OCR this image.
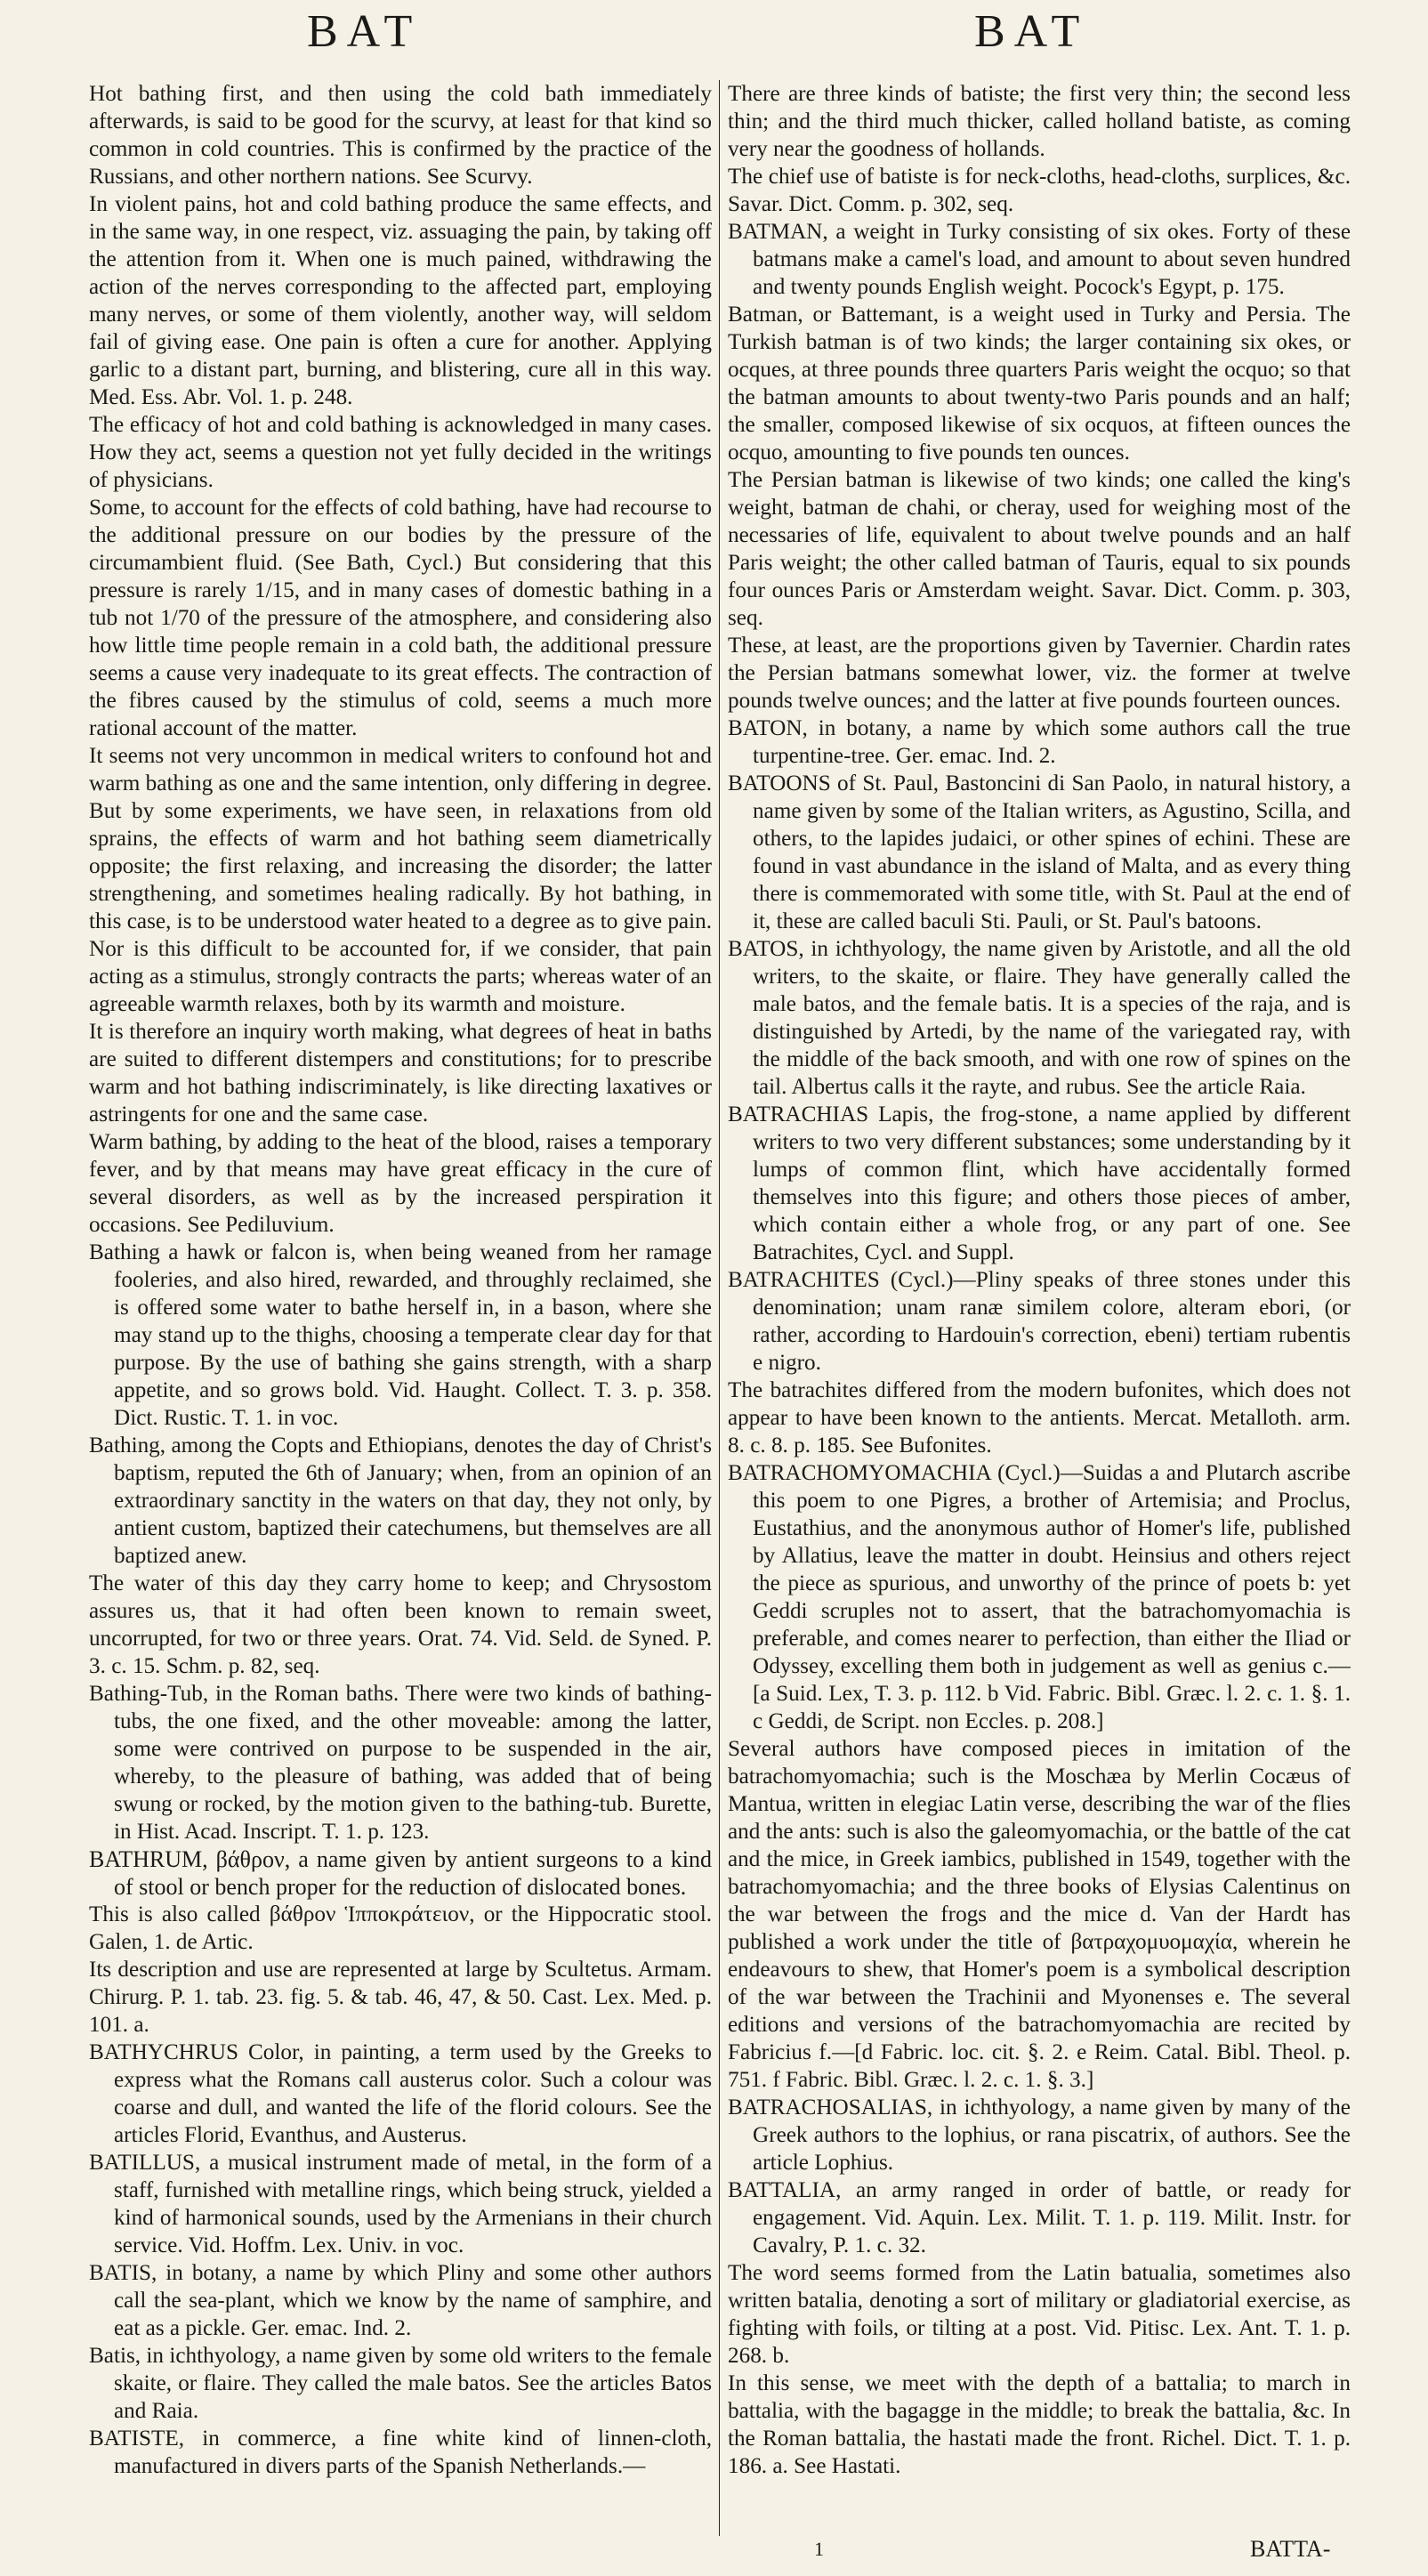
BAT	BAT

Hot bathing first, and then using the cold bath immediately afterwards, is said to be good for the scurvy, at least for that kind so common in cold countries. This is confirmed by the practice of the Russians, and other northern nations. See Scurvy.

In violent pains, hot and cold bathing produce the same effects, and in the same way, in one respect, viz. assuaging the pain, by taking off the attention from it. When one is much pained, withdrawing the action of the nerves corresponding to the affected part, employing many nerves, or some of them violently, another way, will seldom fail of giving ease. One pain is often a cure for another. Applying garlic to a distant part, burning, and blistering, cure all in this way. Med. Ess. Abr. Vol. 1. p. 248.

The efficacy of hot and cold bathing is acknowledged in many cases. How they act, seems a question not yet fully decided in the writings of physicians.

Some, to account for the effects of cold bathing, have had recourse to the additional pressure on our bodies by the pressure of the circumambient fluid. (See Bath, Cycl.) But considering that this pressure is rarely 1/15, and in many cases of domestic bathing in a tub not 1/70 of the pressure of the atmosphere, and considering also how little time people remain in a cold bath, the additional pressure seems a cause very inadequate to its great effects. The contraction of the fibres caused by the stimulus of cold, seems a much more rational account of the matter.

It seems not very uncommon in medical writers to confound hot and warm bathing as one and the same intention, only differing in degree. But by some experiments, we have seen, in relaxations from old sprains, the effects of warm and hot bathing seem diametrically opposite; the first relaxing, and increasing the disorder; the latter strengthening, and sometimes healing radically. By hot bathing, in this case, is to be understood water heated to a degree as to give pain. Nor is this difficult to be accounted for, if we consider, that pain acting as a stimulus, strongly contracts the parts; whereas water of an agreeable warmth relaxes, both by its warmth and moisture.

It is therefore an inquiry worth making, what degrees of heat in baths are suited to different distempers and constitutions; for to prescribe warm and hot bathing indiscriminately, is like directing laxatives or astringents for one and the same case.

Warm bathing, by adding to the heat of the blood, raises a temporary fever, and by that means may have great efficacy in the cure of several disorders, as well as by the increased perspiration it occasions. See Pediluvium.

Bathing a hawk or falcon is, when being weaned from her ramage fooleries, and also hired, rewarded, and throughly reclaimed, she is offered some water to bathe herself in, in a bason, where she may stand up to the thighs, choosing a temperate clear day for that purpose. By the use of bathing she gains strength, with a sharp appetite, and so grows bold. Vid. Haught. Collect. T. 3. p. 358. Dict. Rustic. T. 1. in voc.

Bathing, among the Copts and Ethiopians, denotes the day of Christ's baptism, reputed the 6th of January; when, from an opinion of an extraordinary sanctity in the waters on that day, they not only, by antient custom, baptized their catechumens, but themselves are all baptized anew.

The water of this day they carry home to keep; and Chrysostom assures us, that it had often been known to remain sweet, uncorrupted, for two or three years. Orat. 74. Vid. Seld. de Syned. P. 3. c. 15. Schm. p. 82, seq.

Bathing-Tub, in the Roman baths. There were two kinds of bathing-tubs, the one fixed, and the other moveable: among the latter, some were contrived on purpose to be suspended in the air, whereby, to the pleasure of bathing, was added that of being swung or rocked, by the motion given to the bathing-tub. Burette, in Hist. Acad. Inscript. T. 1. p. 123.

BATHRUM, βάθρον, a name given by antient surgeons to a kind of stool or bench proper for the reduction of dislocated bones.

This is also called βάθρον Ἱπποκράτειον, or the Hippocratic stool. Galen, 1. de Artic.

Its description and use are represented at large by Scultetus. Armam. Chirurg. P. 1. tab. 23. fig. 5. & tab. 46, 47, & 50. Cast. Lex. Med. p. 101. a.

BATHYCHRUS Color, in painting, a term used by the Greeks to express what the Romans call austerus color. Such a colour was coarse and dull, and wanted the life of the florid colours. See the articles Florid, Evanthus, and Austerus.

BATILLUS, a musical instrument made of metal, in the form of a staff, furnished with metalline rings, which being struck, yielded a kind of harmonical sounds, used by the Armenians in their church service. Vid. Hoffm. Lex. Univ. in voc.

BATIS, in botany, a name by which Pliny and some other authors call the sea-plant, which we know by the name of samphire, and eat as a pickle. Ger. emac. Ind. 2.

Batis, in ichthyology, a name given by some old writers to the female skaite, or flaire. They called the male batos. See the articles Batos and Raia.

BATISTE, in commerce, a fine white kind of linnen-cloth, manufactured in divers parts of the Spanish Netherlands.—

There are three kinds of batiste; the first very thin; the second less thin; and the third much thicker, called holland batiste, as coming very near the goodness of hollands.

The chief use of batiste is for neck-cloths, head-cloths, surplices, &c. Savar. Dict. Comm. p. 302, seq.

BATMAN, a weight in Turky consisting of six okes. Forty of these batmans make a camel's load, and amount to about seven hundred and twenty pounds English weight. Pocock's Egypt, p. 175.

Batman, or Battemant, is a weight used in Turky and Persia. The Turkish batman is of two kinds; the larger containing six okes, or ocques, at three pounds three quarters Paris weight the ocquo; so that the batman amounts to about twenty-two Paris pounds and an half; the smaller, composed likewise of six ocquos, at fifteen ounces the ocquo, amounting to five pounds ten ounces.

The Persian batman is likewise of two kinds; one called the king's weight, batman de chahi, or cheray, used for weighing most of the necessaries of life, equivalent to about twelve pounds and an half Paris weight; the other called batman of Tauris, equal to six pounds four ounces Paris or Amsterdam weight. Savar. Dict. Comm. p. 303, seq.

These, at least, are the proportions given by Tavernier. Chardin rates the Persian batmans somewhat lower, viz. the former at twelve pounds twelve ounces; and the latter at five pounds fourteen ounces.

BATON, in botany, a name by which some authors call the true turpentine-tree. Ger. emac. Ind. 2.

BATOONS of St. Paul, Bastoncini di San Paolo, in natural history, a name given by some of the Italian writers, as Agustino, Scilla, and others, to the lapides judaici, or other spines of echini. These are found in vast abundance in the island of Malta, and as every thing there is commemorated with some title, with St. Paul at the end of it, these are called baculi Sti. Pauli, or St. Paul's batoons.

BATOS, in ichthyology, the name given by Aristotle, and all the old writers, to the skaite, or flaire. They have generally called the male batos, and the female batis. It is a species of the raja, and is distinguished by Artedi, by the name of the variegated ray, with the middle of the back smooth, and with one row of spines on the tail. Albertus calls it the rayte, and rubus. See the article Raia.

BATRACHIAS Lapis, the frog-stone, a name applied by different writers to two very different substances; some understanding by it lumps of common flint, which have accidentally formed themselves into this figure; and others those pieces of amber, which contain either a whole frog, or any part of one. See Batrachites, Cycl. and Suppl.

BATRACHITES (Cycl.)—Pliny speaks of three stones under this denomination; unam ranæ similem colore, alteram ebori, (or rather, according to Hardouin's correction, ebeni) tertiam rubentis e nigro.

The batrachites differed from the modern bufonites, which does not appear to have been known to the antients. Mercat. Metalloth. arm. 8. c. 8. p. 185. See Bufonites.

BATRACHOMYOMACHIA (Cycl.)—Suidas a and Plutarch ascribe this poem to one Pigres, a brother of Artemisia; and Proclus, Eustathius, and the anonymous author of Homer's life, published by Allatius, leave the matter in doubt. Heinsius and others reject the piece as spurious, and unworthy of the prince of poets b: yet Geddi scruples not to assert, that the batrachomyomachia is preferable, and comes nearer to perfection, than either the Iliad or Odyssey, excelling them both in judgement as well as genius c.—[a Suid. Lex, T. 3. p. 112. b Vid. Fabric. Bibl. Græc. l. 2. c. 1. §. 1. c Geddi, de Script. non Eccles. p. 208.]

Several authors have composed pieces in imitation of the batrachomyomachia; such is the Moschæa by Merlin Cocæus of Mantua, written in elegiac Latin verse, describing the war of the flies and the ants: such is also the galeomyomachia, or the battle of the cat and the mice, in Greek iambics, published in 1549, together with the batrachomyomachia; and the three books of Elysias Calentinus on the war between the frogs and the mice d. Van der Hardt has published a work under the title of βατραχομυομαχία, wherein he endeavours to shew, that Homer's poem is a symbolical description of the war between the Trachinii and Myonenses e. The several editions and versions of the batrachomyomachia are recited by Fabricius f.—[d Fabric. loc. cit. §. 2. e Reim. Catal. Bibl. Theol. p. 751. f Fabric. Bibl. Græc. l. 2. c. 1. §. 3.]

BATRACHOSALIAS, in ichthyology, a name given by many of the Greek authors to the lophius, or rana piscatrix, of authors. See the article Lophius.

BATTALIA, an army ranged in order of battle, or ready for engagement. Vid. Aquin. Lex. Milit. T. 1. p. 119. Milit. Instr. for Cavalry, P. 1. c. 32.

The word seems formed from the Latin batualia, sometimes also written batalia, denoting a sort of military or gladiatorial exercise, as fighting with foils, or tilting at a post. Vid. Pitisc. Lex. Ant. T. 1. p. 268. b.

In this sense, we meet with the depth of a battalia; to march in battalia, with the bagagge in the middle; to break the battalia, &c. In the Roman battalia, the hastati made the front. Richel. Dict. T. 1. p. 186. a. See Hastati.

1	BATTA-
